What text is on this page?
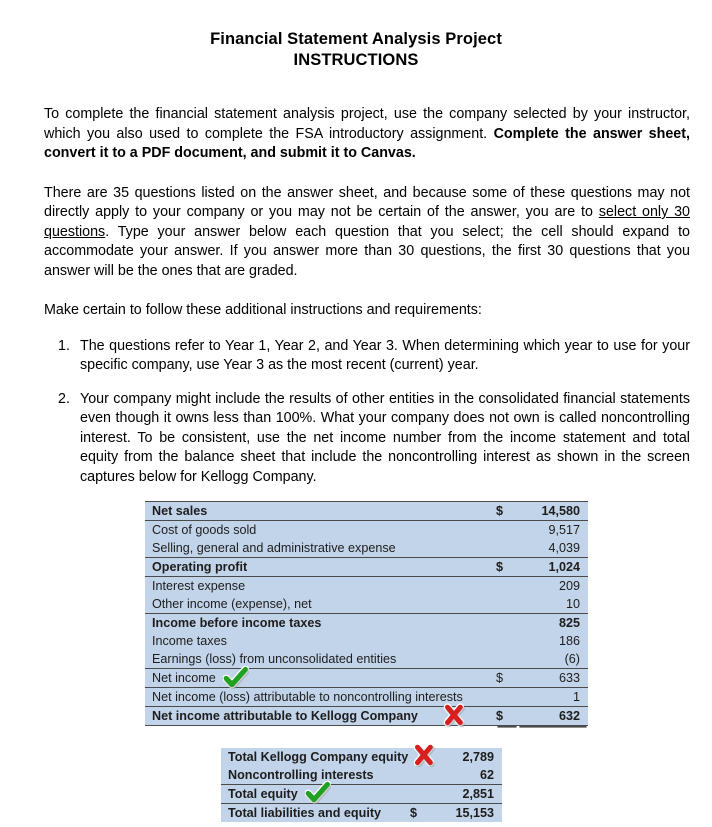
Financial Statement Analysis Project
INSTRUCTIONS

To complete the financial statement analysis project, use the company selected by your instructor, which you also used to complete the FSA introductory assignment. Complete the answer sheet, convert it to a PDF document, and submit it to Canvas.

There are 35 questions listed on the answer sheet, and because some of these questions may not directly apply to your company or you may not be certain of the answer, you are to select only 30 questions. Type your answer below each question that you select; the cell should expand to accommodate your answer. If you answer more than 30 questions, the first 30 questions that you answer will be the ones that are graded.

Make certain to follow these additional instructions and requirements:

1. The questions refer to Year 1, Year 2, and Year 3. When determining which year to use for your specific company, use Year 3 as the most recent (current) year.
2. Your company might include the results of other entities in the consolidated financial statements even though it owns less than 100%. What your company does not own is called noncontrolling interest. To be consistent, use the net income number from the income statement and total equity from the balance sheet that include the noncontrolling interest as shown in the screen captures below for Kellogg Company.
Net sales	$	14,580
Cost of goods sold		9,517
Selling, general and administrative expense		4,039
Operating profit	$	1,024
Interest expense		209
Other income (expense), net		10
Income before income taxes		825
Income taxes		186
Earnings (loss) from unconsolidated entities		(6)
Net income	$	633
Net income (loss) attributable to noncontrolling interests		1
Net income attributable to Kellogg Company	$	632
Total Kellogg Company equity		2,789
Noncontrolling interests		62
Total equity		2,851
Total liabilities and equity	$	15,153
